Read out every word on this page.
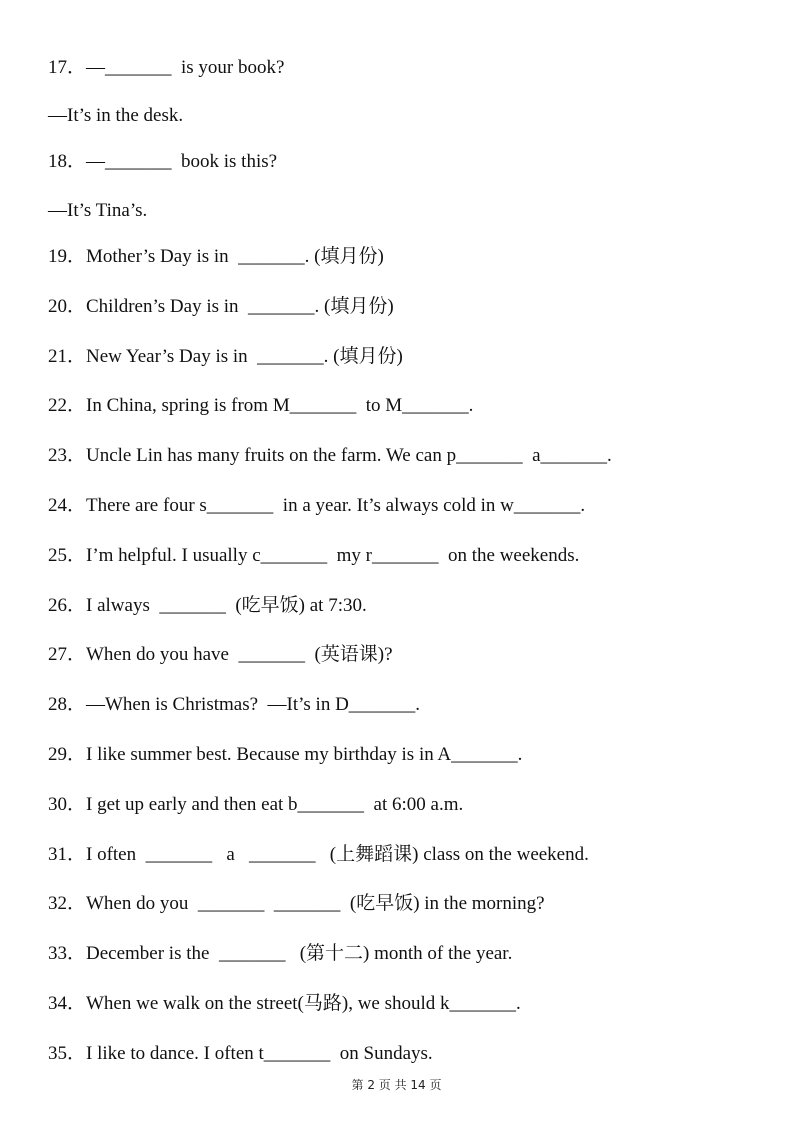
17．—_______  is your book?
—It’s in the desk.
18．—_______  book is this?
—It’s Tina’s.
19．Mother’s Day is in  _______. (填月份)
20．Children’s Day is in  _______. (填月份)
21．New Year’s Day is in  _______. (填月份)
22．In China, spring is from M_______  to M_______.
23．Uncle Lin has many fruits on the farm. We can p_______  a_______.
24．There are four s_______  in a year. It’s always cold in w_______.
25．I’m helpful. I usually c_______  my r_______  on the weekends.
26．I always  _______  (吃早饭) at 7:30.
27．When do you have  _______  (英语课)?
28．—When is Christmas?  —It’s in D_______.
29．I like summer best. Because my birthday is in A_______.
30．I get up early and then eat b_______  at 6:00 a.m.
31．I often  _______   a   _______   (上舞蹈课) class on the weekend.
32．When do you  _______  _______  (吃早饭) in the morning?
33．December is the  _______   (第十二) month of the year.
34．When we walk on the street(马路), we should k_______.
35．I like to dance. I often t_______  on Sundays.
第 2 页 共 14 页
